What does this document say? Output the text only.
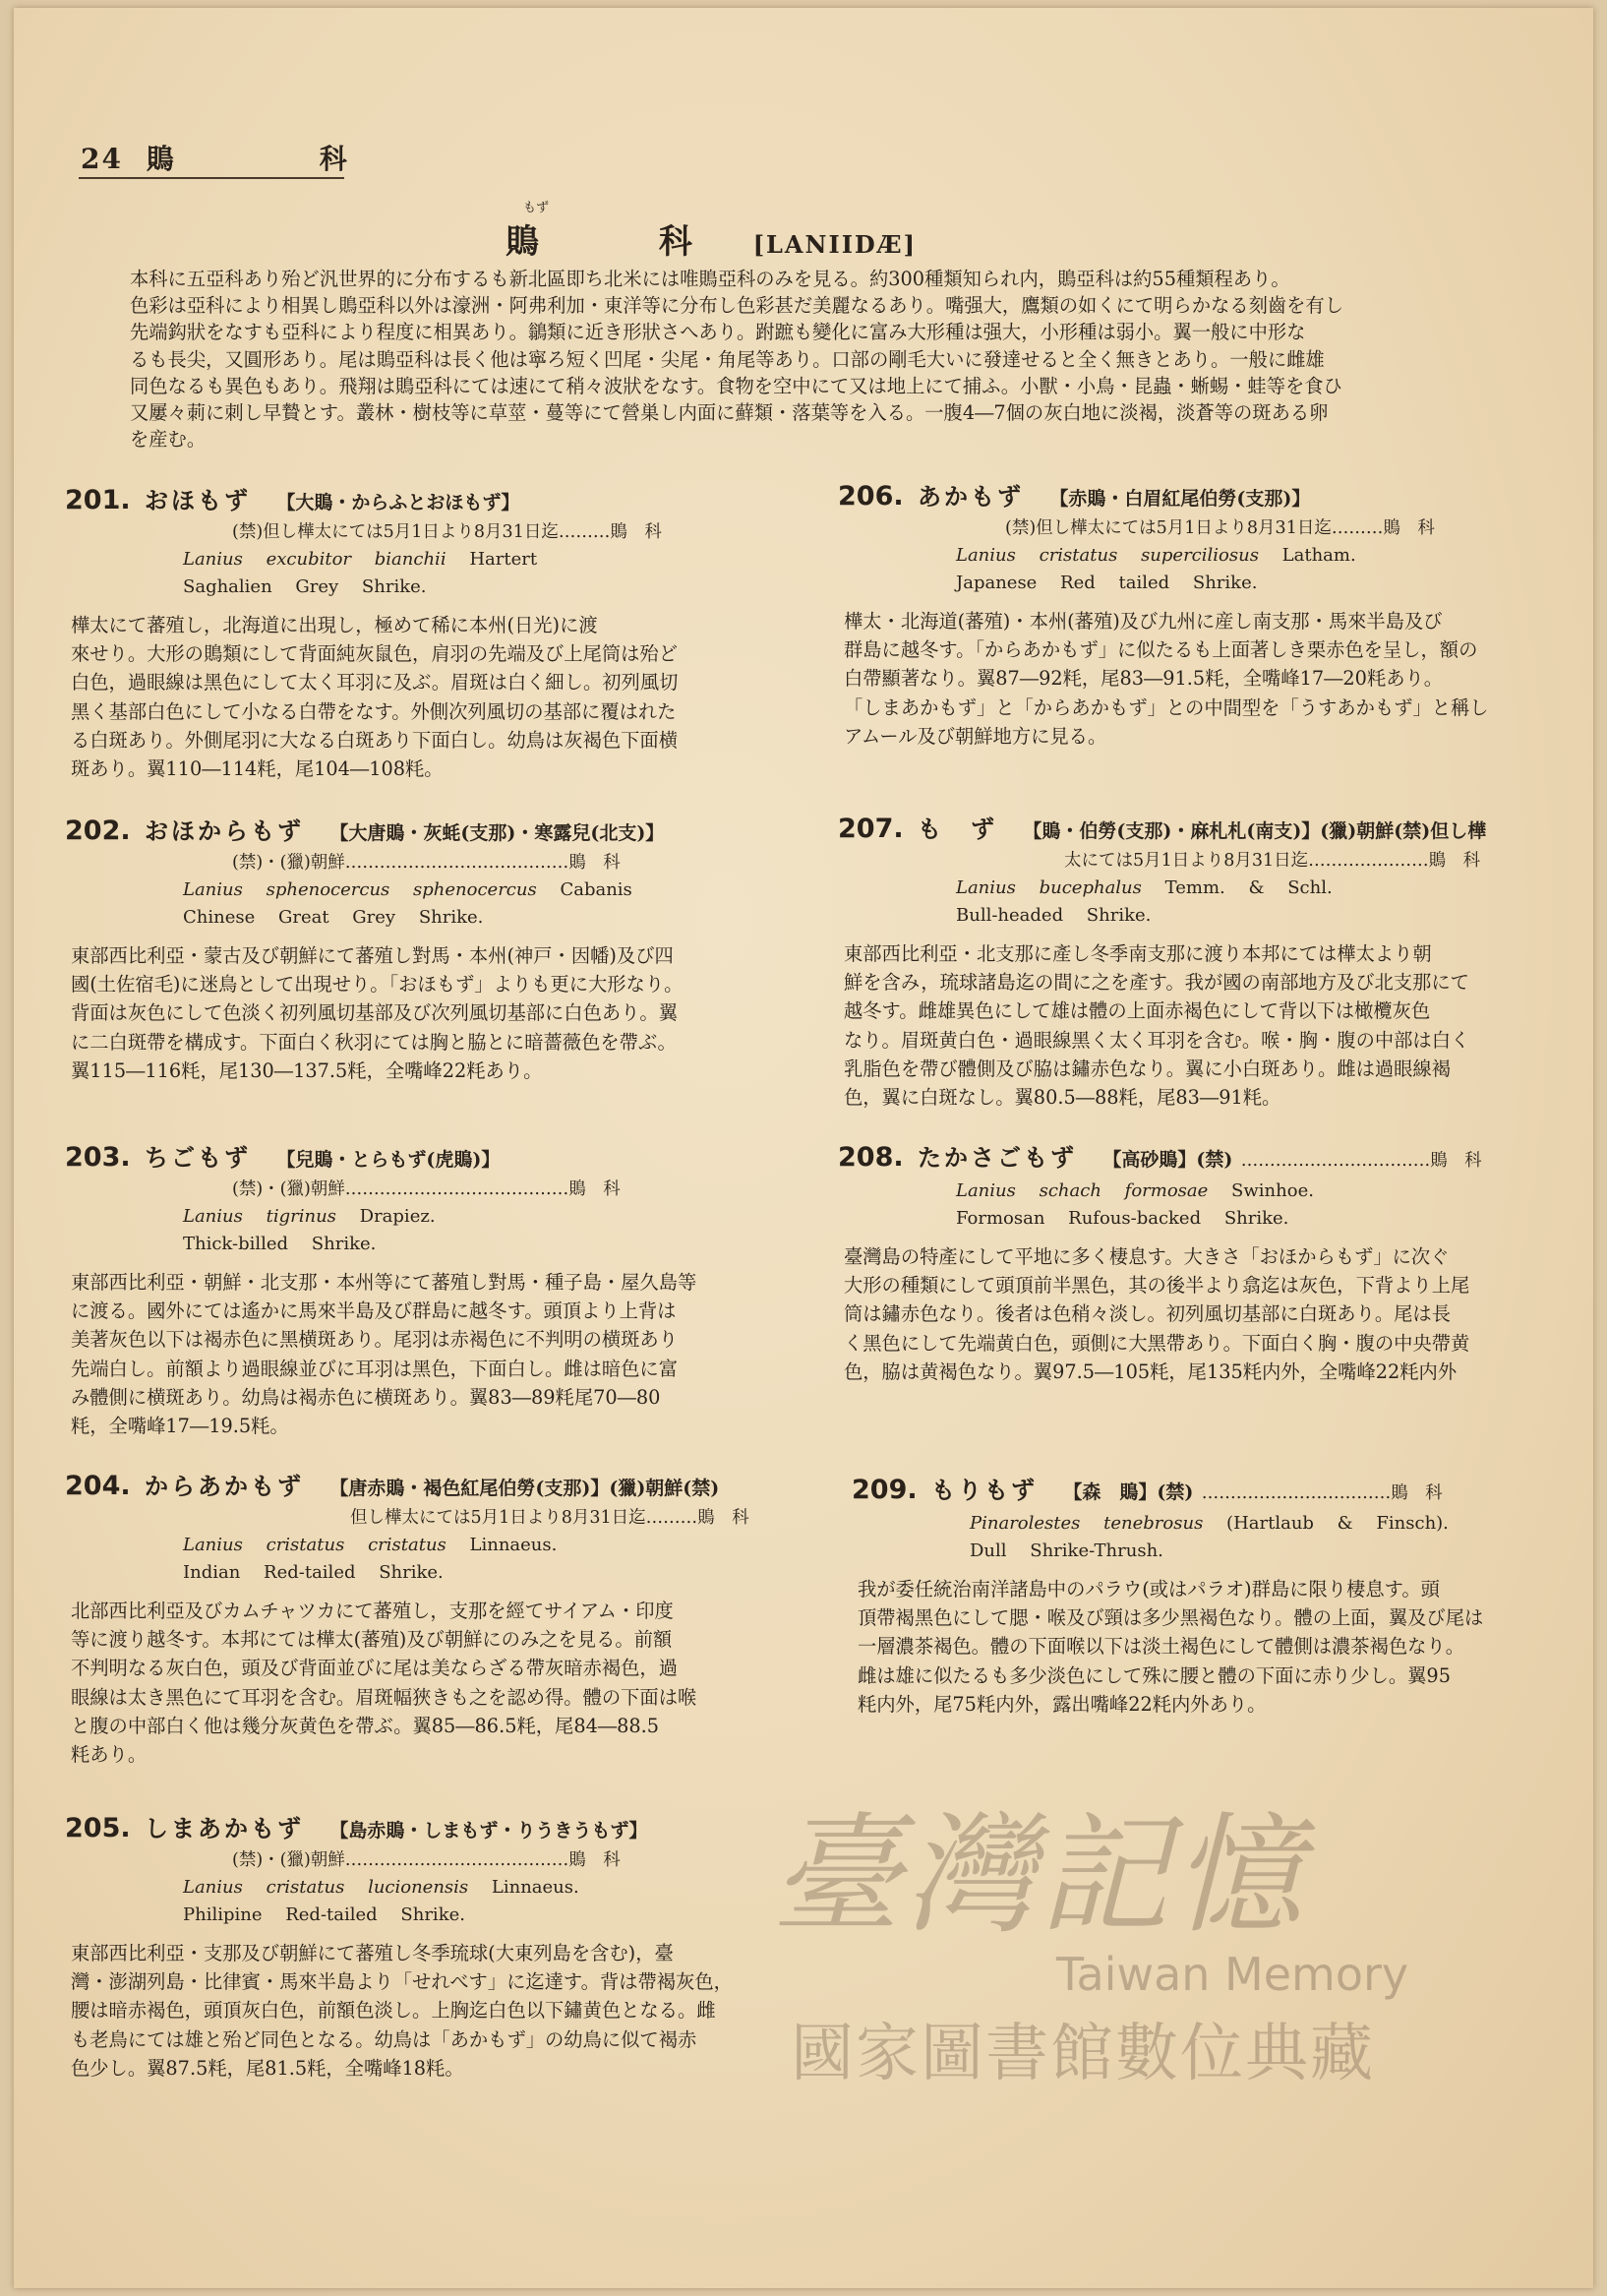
24 鵙　科
もず
鵙	科	[LANIIDÆ]
本科に五亞科あり殆ど汎世界的に分布するも新北區即ち北米には唯鵙亞科のみを見る。約300種類知られ内，鵙亞科は約55種類程あり。
色彩は亞科により相異し鵙亞科以外は濠洲・阿弗利加・東洋等に分布し色彩甚だ美麗なるあり。嘴强大，鷹類の如くにて明らかなる刻齒を有し
先端鈎狀をなすも亞科により程度に相異あり。鶲類に近き形狀さへあり。跗蹠も變化に富み大形種は强大，小形種は弱小。翼一般に中形な
るも長尖，又圓形あり。尾は鵙亞科は長く他は寧ろ短く凹尾・尖尾・角尾等あり。口部の剛毛大いに發達せると全く無きとあり。一般に雌雄
同色なるも異色もあり。飛翔は鵙亞科にては速にて稍々波狀をなす。食物を空中にて又は地上にて捕ふ。小獸・小鳥・昆蟲・蜥蜴・蛙等を食ひ
又屢々莿に刺し早贄とす。叢林・樹枝等に草莖・蔓等にて營巣し内面に蘚類・落葉等を入る。一腹4―7個の灰白地に淡褐，淡蒼等の斑ある卵
を産む。
201. おほもず 【大鵙・からふとおほもず】
(禁)但し樺太にては5月1日より8月31日迄………鵙　科
Lanius excubitor bianchii Hartert
Saghalien Grey Shrike.
樺太にて蕃殖し，北海道に出現し，極めて稀に本州(日光)に渡
來せり。大形の鵙類にして背面純灰鼠色，肩羽の先端及び上尾筒は殆ど
白色，過眼線は黑色にして太く耳羽に及ぶ。眉斑は白く細し。初列風切
黑く基部白色にして小なる白帶をなす。外側次列風切の基部に覆はれた
る白斑あり。外側尾羽に大なる白斑あり下面白し。幼鳥は灰褐色下面横
斑あり。翼110―114粍，尾104―108粍。
202. おほからもず 【大唐鵙・灰蚝(支那)・寒露兒(北支)】
(禁)・(獵)朝鮮…………………………………鵙　科
Lanius sphenocercus sphenocercus Cabanis
Chinese Great Grey Shrike.
東部西比利亞・蒙古及び朝鮮にて蕃殖し對馬・本州(神戸・因幡)及び四
國(土佐宿毛)に迷鳥として出現せり。「おほもず」よりも更に大形なり。
背面は灰色にして色淡く初列風切基部及び次列風切基部に白色あり。翼
に二白斑帶を構成す。下面白く秋羽にては胸と脇とに暗薔薇色を帶ぶ。
翼115―116粍，尾130―137.5粍，全嘴峰22粍あり。
203. ちごもず 【兒鵙・とらもず(虎鵙)】
(禁)・(獵)朝鮮…………………………………鵙　科
Lanius tigrinus Drapiez.
Thick-billed Shrike.
東部西比利亞・朝鮮・北支那・本州等にて蕃殖し對馬・種子島・屋久島等
に渡る。國外にては遙かに馬來半島及び群島に越冬す。頭頂より上背は
美著灰色以下は褐赤色に黑横斑あり。尾羽は赤褐色に不判明の横斑あり
先端白し。前額より過眼線並びに耳羽は黑色，下面白し。雌は暗色に富
み體側に横斑あり。幼鳥は褐赤色に横斑あり。翼83―89粍尾70―80
粍，全嘴峰17―19.5粍。
204. からあかもず 【唐赤鵙・褐色紅尾伯勞(支那)】(獵)朝鮮(禁)
但し樺太にては5月1日より8月31日迄………鵙　科
Lanius cristatus cristatus Linnaeus.
Indian Red-tailed Shrike.
北部西比利亞及びカムチャツカにて蕃殖し，支那を經てサイアム・印度
等に渡り越冬す。本邦にては樺太(蕃殖)及び朝鮮にのみ之を見る。前額
不判明なる灰白色，頭及び背面並びに尾は美ならざる帶灰暗赤褐色，過
眼線は太き黑色にて耳羽を含む。眉斑幅狹きも之を認め得。體の下面は喉
と腹の中部白く他は幾分灰黄色を帶ぶ。翼85―86.5粍，尾84―88.5
粍あり。
205. しまあかもず 【島赤鵙・しまもず・りうきうもず】
(禁)・(獵)朝鮮…………………………………鵙　科
Lanius cristatus lucionensis Linnaeus.
Philipine Red-tailed Shrike.
東部西比利亞・支那及び朝鮮にて蕃殖し冬季琉球(大東列島を含む)，臺
灣・澎湖列島・比律賓・馬來半島より「せれべす」に迄達す。背は帶褐灰色，
腰は暗赤褐色，頭頂灰白色，前額色淡し。上胸迄白色以下鏽黄色となる。雌
も老鳥にては雄と殆ど同色となる。幼鳥は「あかもず」の幼鳥に似て褐赤
色少し。翼87.5粍，尾81.5粍，全嘴峰18粍。
206. あかもず 【赤鵙・白眉紅尾伯勞(支那)】
(禁)但し樺太にては5月1日より8月31日迄………鵙　科
Lanius cristatus superciliosus Latham.
Japanese Red tailed Shrike.
樺太・北海道(蕃殖)・本州(蕃殖)及び九州に産し南支那・馬來半島及び
群島に越冬す。「からあかもず」に似たるも上面著しき栗赤色を呈し，額の
白帶顯著なり。翼87―92粍，尾83―91.5粍，全嘴峰17―20粍あり。
「しまあかもず」と「からあかもず」との中間型を「うすあかもず」と稱し
アムール及び朝鮮地方に見る。
207. も　ず 【鵙・伯勞(支那)・麻札札(南支)】(獵)朝鮮(禁)但し樺
太にては5月1日より8月31日迄…………………鵙　科
Lanius bucephalus Temm. & Schl.
Bull-headed Shrike.
東部西比利亞・北支那に產し冬季南支那に渡り本邦にては樺太より朝
鮮を含み，琉球諸島迄の間に之を產す。我が國の南部地方及び北支那にて
越冬す。雌雄異色にして雄は體の上面赤褐色にして背以下は橄欖灰色
なり。眉斑黄白色・過眼線黑く太く耳羽を含む。喉・胸・腹の中部は白く
乳脂色を帶び體側及び脇は鏽赤色なり。翼に小白斑あり。雌は過眼線褐
色，翼に白斑なし。翼80.5―88粍，尾83―91粍。
208. たかさごもず 【高砂鵙】(禁) ……………………………鵙　科
Lanius schach formosae Swinhoe.
Formosan Rufous-backed Shrike.
臺灣島の特產にして平地に多く棲息す。大きさ「おほからもず」に次ぐ
大形の種類にして頭頂前半黑色，其の後半より翕迄は灰色，下背より上尾
筒は鏽赤色なり。後者は色稍々淡し。初列風切基部に白斑あり。尾は長
く黑色にして先端黄白色，頭側に大黑帶あり。下面白く胸・腹の中央帶黄
色，脇は黄褐色なり。翼97.5―105粍，尾135粍内外，全嘴峰22粍内外
209. もりもず 【森　鵙】(禁) ……………………………鵙　科
Pinarolestes tenebrosus (Hartlaub & Finsch).
Dull Shrike-Thrush.
我が委任統治南洋諸島中のパラウ(或はパラオ)群島に限り棲息す。頭
頂帶褐黑色にして腮・喉及び頸は多少黑褐色なり。體の上面，翼及び尾は
一層濃茶褐色。體の下面喉以下は淡土褐色にして體側は濃茶褐色なり。
雌は雄に似たるも多少淡色にして殊に腰と體の下面に赤り少し。翼95
粍内外，尾75粍内外，露出嘴峰22粍内外あり。
臺灣記憶
Taiwan Memory
國家圖書館數位典藏
